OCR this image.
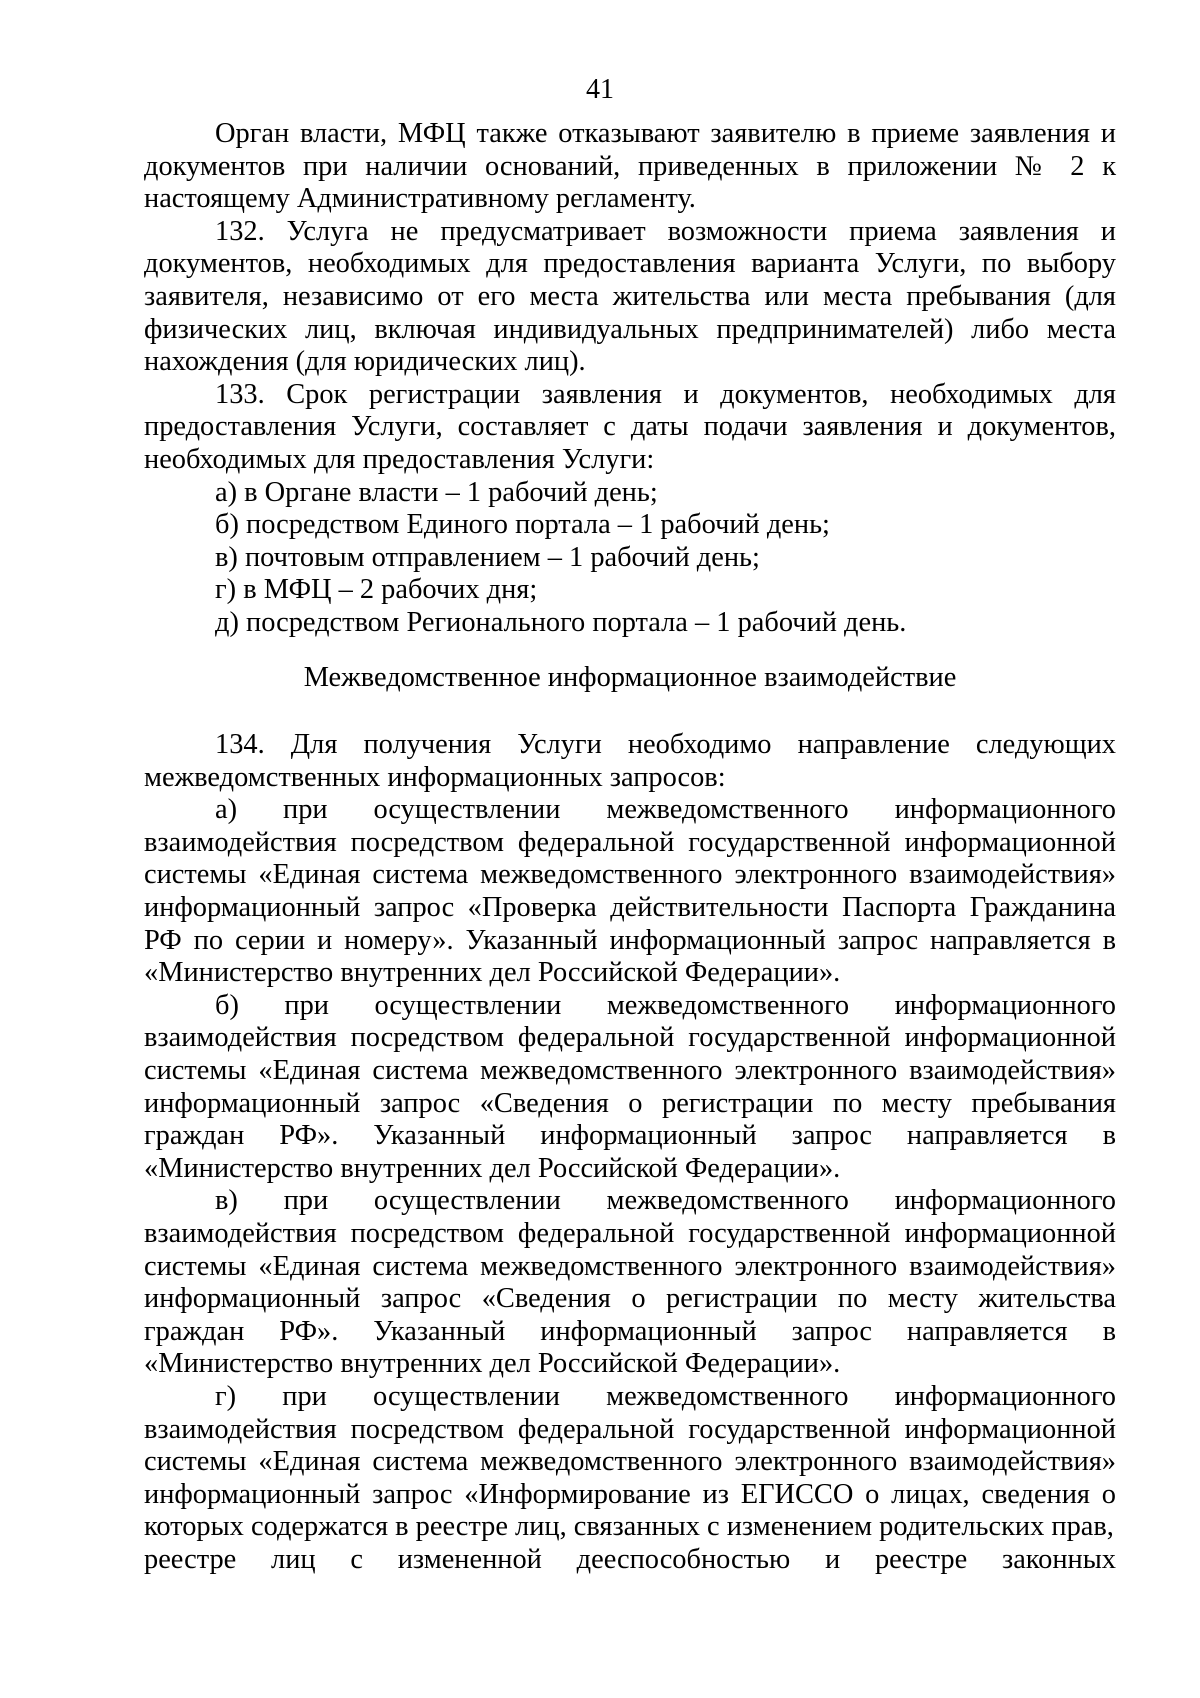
41

Орган власти, МФЦ также отказывают заявителю в приеме заявления и документов при наличии оснований, приведенных в приложении № 2 к настоящему Административному регламенту.

132. Услуга не предусматривает возможности приема заявления и документов, необходимых для предоставления варианта Услуги, по выбору заявителя, независимо от его места жительства или места пребывания (для физических лиц, включая индивидуальных предпринимателей) либо места нахождения (для юридических лиц).

133. Срок регистрации заявления и документов, необходимых для предоставления Услуги, составляет с даты подачи заявления и документов, необходимых для предоставления Услуги:

а) в Органе власти – 1 рабочий день;

б) посредством Единого портала – 1 рабочий день;

в) почтовым отправлением – 1 рабочий день;

г) в МФЦ – 2 рабочих дня;

д) посредством Регионального портала – 1 рабочий день.

Межведомственное информационное взаимодействие

134. Для получения Услуги необходимо направление следующих межведомственных информационных запросов:

а) при осуществлении межведомственного информационного взаимодействия посредством федеральной государственной информационной системы «Единая система межведомственного электронного взаимодействия» информационный запрос «Проверка действительности Паспорта Гражданина РФ по серии и номеру». Указанный информационный запрос направляется в «Министерство внутренних дел Российской Федерации».

б) при осуществлении межведомственного информационного взаимодействия посредством федеральной государственной информационной системы «Единая система межведомственного электронного взаимодействия» информационный запрос «Сведения о регистрации по месту пребывания граждан РФ». Указанный информационный запрос направляется в «Министерство внутренних дел Российской Федерации».

в) при осуществлении межведомственного информационного взаимодействия посредством федеральной государственной информационной системы «Единая система межведомственного электронного взаимодействия» информационный запрос «Сведения о регистрации по месту жительства граждан РФ». Указанный информационный запрос направляется в «Министерство внутренних дел Российской Федерации».

г) при осуществлении межведомственного информационного взаимодействия посредством федеральной государственной информационной системы «Единая система межведомственного электронного взаимодействия» информационный запрос «Информирование из ЕГИССО о лицах, сведения о которых содержатся в реестре лиц, связанных с изменением родительских прав,

реестре лиц с измененной дееспособностью и реестре законных
